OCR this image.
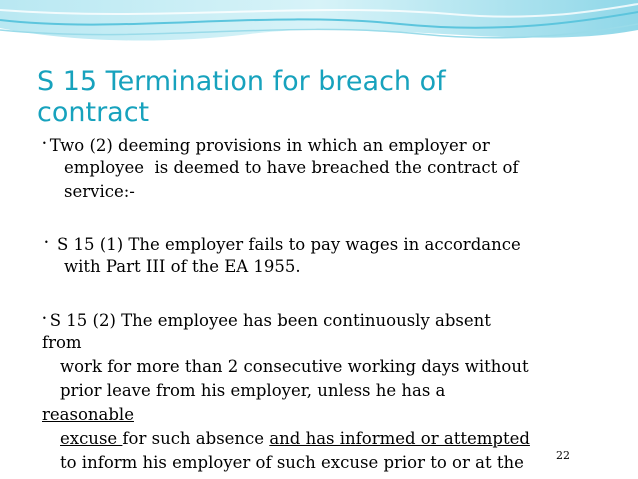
S 15 Termination for breach of contract
• Two (2) deeming provisions in which an employer or
employee  is deemed to have breached the contract of
service:-
• S 15 (1) The employer fails to pay wages in accordance
with Part III of the EA 1955.
• S 15 (2) The employee has been continuously absent
from
work for more than 2 consecutive working days without
prior leave from his employer, unless he has a
reasonable
excuse for such absence and has informed or attempted
to inform his employer of such excuse prior to or at the	22
